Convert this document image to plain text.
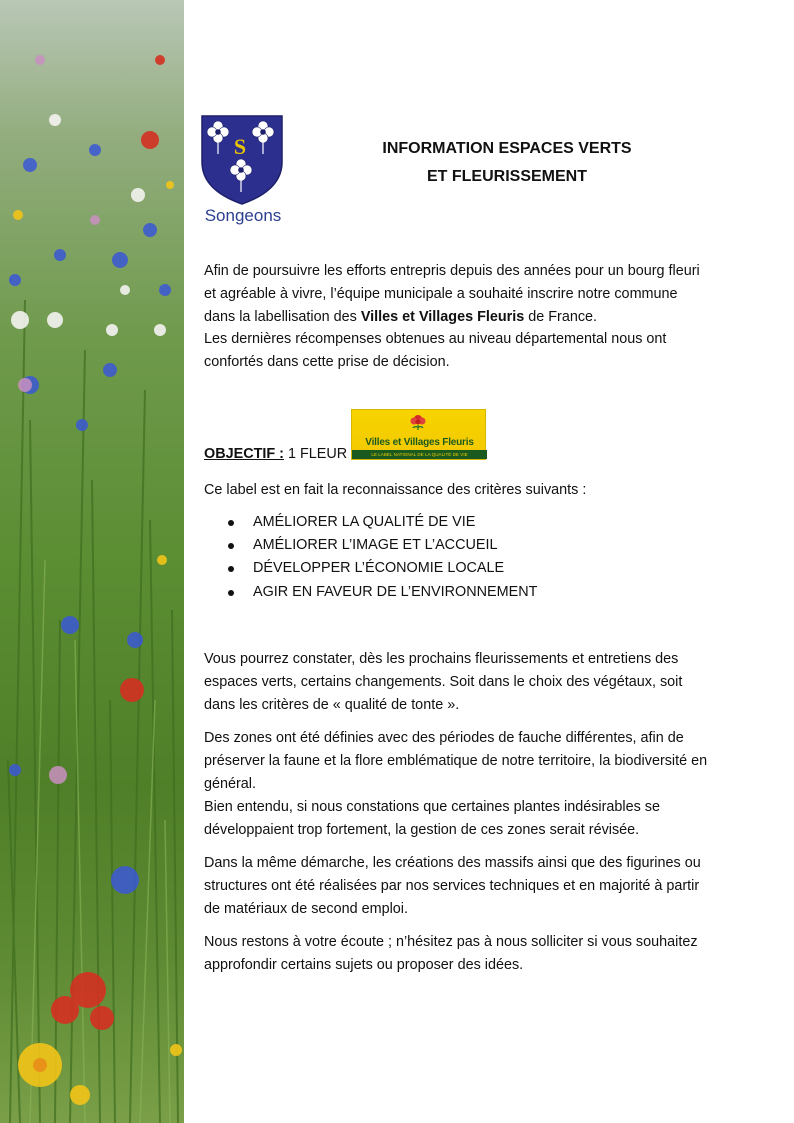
S
Songeons
INFORMATION ESPACES VERTS
ET FLEURISSEMENT

Afin de poursuivre les efforts entrepris depuis des années pour un bourg fleuri et agréable à vivre, l’équipe municipale a souhaité inscrire notre commune dans la labellisation des Villes et Villages Fleuris de France.

Les dernières récompenses obtenues au niveau départemental nous ont confortés dans cette prise de décision.

OBJECTIF : 1 FLEUR
Villes et Villages Fleuris
LE LABEL NATIONAL DE LA QUALITÉ DE VIE
Ce label est en fait la reconnaissance des critères suivants :
AMÉLIORER LA QUALITÉ DE VIE
AMÉLIORER L’IMAGE ET L’ACCUEIL
DÉVELOPPER L’ÉCONOMIE LOCALE
AGIR EN FAVEUR DE L’ENVIRONNEMENT

Vous pourrez constater, dès les prochains fleurissements et entretiens des espaces verts, certains changements. Soit dans le choix des végétaux, soit dans les critères de « qualité de tonte ».

Des zones ont été définies avec des périodes de fauche différentes, afin de préserver la faune et la flore emblématique de notre territoire, la biodiversité en général.
Bien entendu, si nous constations que certaines plantes indésirables se développaient trop fortement, la gestion de ces zones serait révisée.

Dans la même démarche, les créations des massifs ainsi que des figurines ou structures ont été réalisées par nos services techniques et en majorité à partir de matériaux de second emploi.

Nous restons à votre écoute ; n’hésitez pas à nous solliciter si vous souhaitez approfondir certains sujets ou proposer des idées.
